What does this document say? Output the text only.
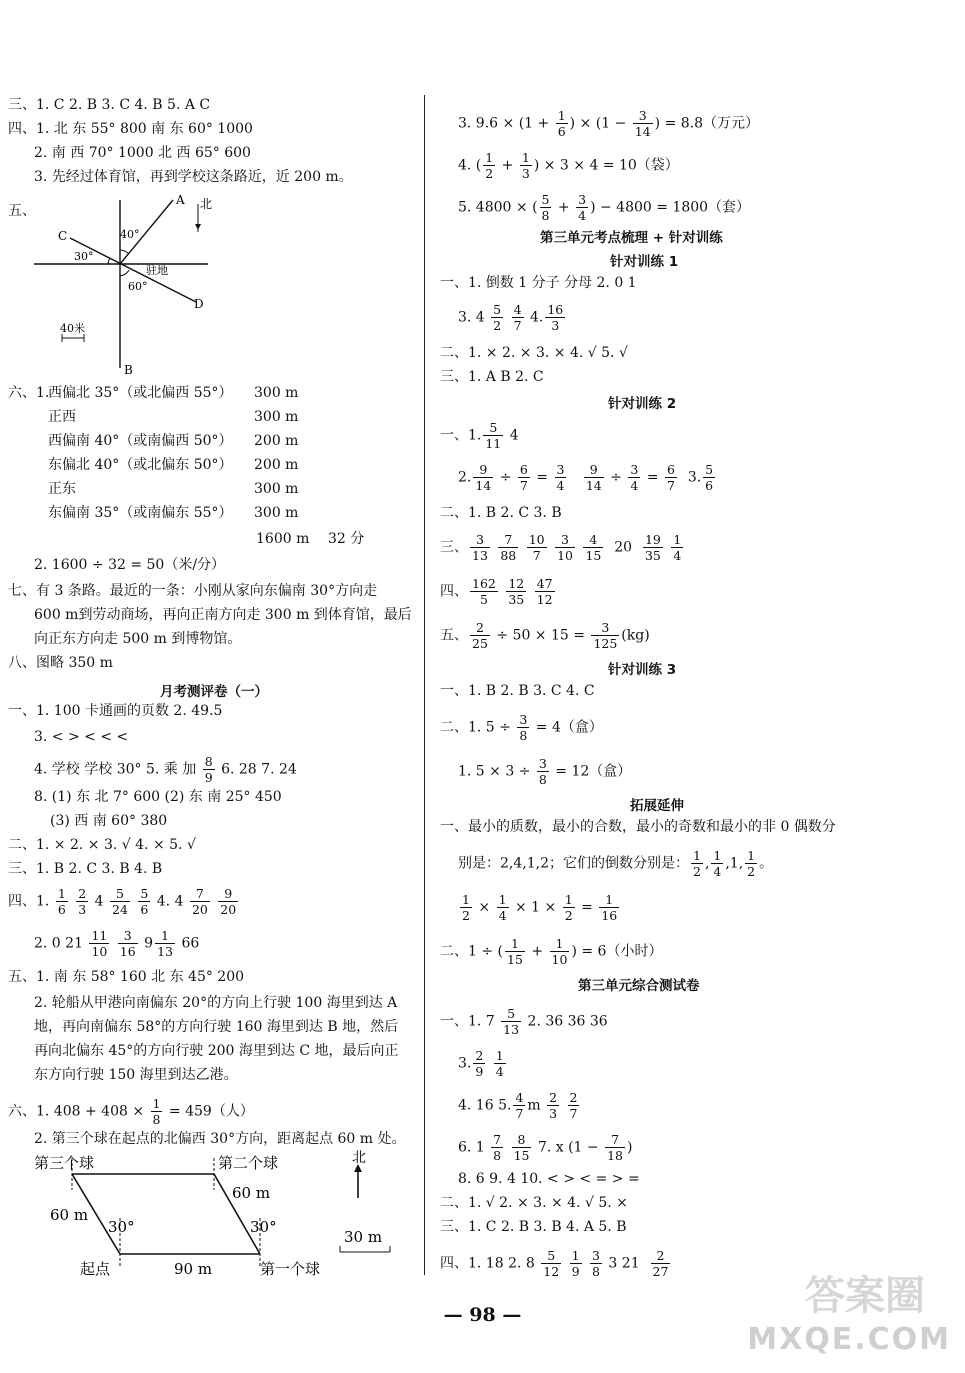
三、1. C 2. B 3. C 4. B 5. A C
四、1. 北 东 55° 800 南 东 60° 1000
2. 南 西 70° 1000 北 西 65° 600
3. 先经过体育馆，再到学校这条路近，近 200 m。
五、
A 北
C	40°
30°
60°
驻地
D
B
40米
六、1.
西偏北 35°（或北偏西 55°） 300 m
正西	300 m
西偏南 40°（或南偏西 50°） 200 m
东偏北 40°（或北偏东 50°） 200 m
正东	300 m
东偏南 35°（或南偏东 55°） 300 m
1600 m 32 分
2. 1600 ÷ 32 = 50（米/分）
七、有 3 条路。最近的一条：小刚从家向东偏南 30°方向走
600 m到劳动商场，再向正南方向走 300 m 到体育馆，最后
向正东方向走 500 m 到博物馆。
八、图略 350 m
月考测评卷（一）
一、1. 100 卡通画的页数 2. 49.5
3. < > < < <
4. 学校 学校 30° 5. 乘 加 $\frac{8}{9} 6$. 28 7. 24
8. (1) 东 北 7° 600 (2) 东 南 25° 450
(3) 西 南 60° 380
二、1. × 2. × 3. √ 4. × 5. √
三、1. B 2. C 3. B 4. B
四、1. $\frac{1}{6}$
$\frac{2}{3} 4 \frac{5}{24}$
$\frac{5}{6} 4$. $4 \frac{7}{20}$
$\frac{9}{20}$
2. 0 $21 \frac{11}{10}$
$\frac{3}{16} 9 \frac{1}{13} 66$
五、1. 南 东 58° 160 北 东 45° 200
2. 轮船从甲港向南偏东 20°的方向上行驶 100 海里到达 A
地，再向南偏东 58°的方向行驶 160 海里到达 B 地，然后
再向北偏东 45°的方向行驶 200 海里到达 C 地，最后向正
东方向行驶 150 海里到达乙港。
六、1. $408 + 408 \times \frac{1}{8} = 459$（人）
2. 第三个球在起点的北偏西 30°方向，距离起点 60 m 处。
第三个球	第二个球
第一个球
起点
60 m
60 m
90 m
30°	30°
北
30 m
3. $9.6 \times (1 + \frac{1}{6}$ ) × ($1 - \frac{3}{14}$ ) = 8.8（万元）
4. ( $\frac{1}{2} + \frac{1}{3}$ ) × 3 × 4 = 10（袋）
5. 4800 × ( $\frac{5}{8} + \frac{3}{4}$ ) − 4800 = 1800（套）
第三单元考点梳理 + 针对训练
针对训练 1
一、1. 倒数 1 分子 分母 2. 0 1
3. $4 \frac{5}{2}$
$\frac{4}{7} 4$. $\frac{16}{3}$
二、1. × 2. × 3. × 4. √ 5. √
三、1. A B 2. C
针对训练 2
一、1. $\frac{5}{11} 4$
2. $\frac{9}{14} \div \frac{6}{7} = \frac{3}{4}$
$\frac{9}{14} \div \frac{3}{4} = \frac{6}{7} 3$. $\frac{5}{6}$
二、1. B 2. C 3. B
三、 $\frac{3}{13}$
$\frac{7}{88}$
$\frac{10}{7}$
$\frac{3}{10}$
$\frac{4}{15} 20 \frac{19}{35}$
$\frac{1}{4}$
四、 $\frac{162}{5}$
$\frac{12}{35}$
$\frac{47}{12}$
五、 $\frac{2}{25} \div 50 \times 15 = \frac{3}{125} (kg)$
针对训练 3
一、1. B 2. B 3. C 4. C
二、1. $5 \div \frac{3}{8} = 4$（盒）
1. $5 \times 3 \div \frac{3}{8} = 12$（盒）
拓展延伸
一、最小的质数，最小的合数，最小的奇数和最小的非 0 偶数分
别是：2,4,1,2；它们的倒数分别是： $\frac{1}{2}$ , $\frac{1}{4} ,1$, $\frac{1}{2}$ 。
$\frac{1}{2} \times \frac{1}{4} \times 1 \times \frac{1}{2} = \frac{1}{16}$
二、1 ÷ ( $\frac{1}{15} + \frac{1}{10}$ ) = 6（小时）
第三单元综合测试卷
一、1. $7 \frac{5}{13} 2$. 36 36 36
3. $\frac{2}{9}$
$\frac{1}{4}$
4. 16 5. $\frac{4}{7}$ m $\frac{2}{3}$
$\frac{2}{7}$
6. $1 \frac{7}{8}$
$\frac{8}{15} 7$. x ($1 - \frac{7}{18}$ )
8. 6 9. 4 10. < > < = > =
二、1. √ 2. × 3. × 4. √ 5. ×
三、1. C 2. B 3. B 4. A 5. B
四、1. 18 2. $8 \frac{5}{12}$
$\frac{1}{9}$
$\frac{3}{8} 3$ $21 \frac{2}{27}$
— 98 —	答案圈
MXQE.COM
